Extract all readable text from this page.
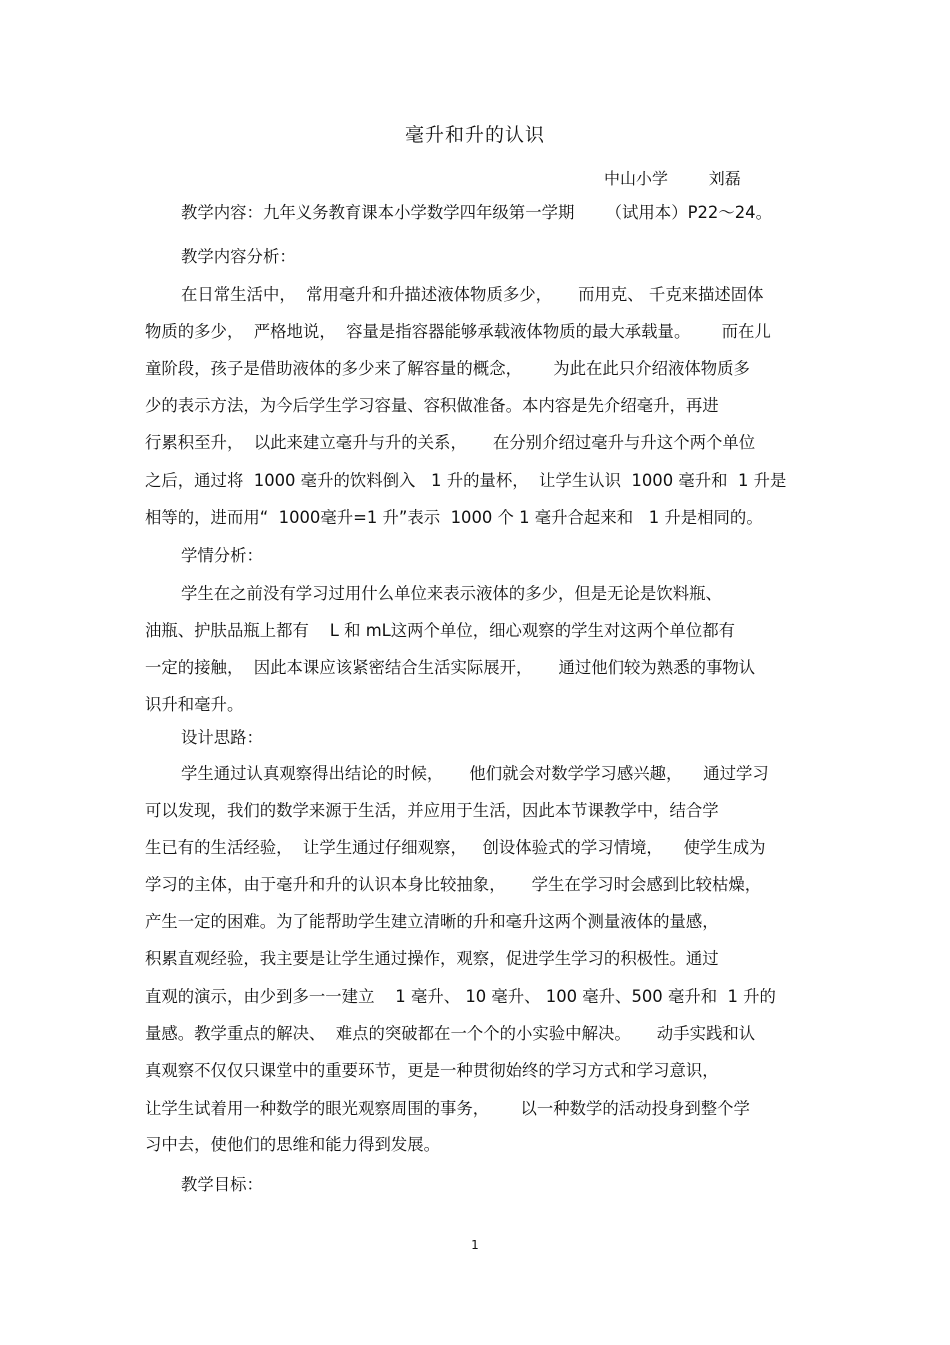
毫升和升的认识
中山小学        刘磊
教学内容：九年义务教育课本小学数学四年级第一学期      （试用本）P22～24。
教学内容分析：
在日常生活中，  常用毫升和升描述液体物质多少，     而用克、 千克来描述固体
物质的多少，  严格地说，  容量是指容器能够承载液体物质的最大承载量。      而在儿
童阶段，孩子是借助液体的多少来了解容量的概念，      为此在此只介绍液体物质多
少的表示方法，为今后学生学习容量、容积做准备。本内容是先介绍毫升，再进
行累积至升，  以此来建立毫升与升的关系，     在分别介绍过毫升与升这个两个单位
之后，通过将  1000 毫升的饮料倒入   1 升的量杯，  让学生认识  1000 毫升和  1 升是
相等的，进而用“  1000毫升=1 升”表示  1000 个 1 毫升合起来和   1 升是相同的。
学情分析：
学生在之前没有学习过用什么单位来表示液体的多少，但是无论是饮料瓶、
油瓶、护肤品瓶上都有    L 和 mL这两个单位，细心观察的学生对这两个单位都有
一定的接触，  因此本课应该紧密结合生活实际展开，     通过他们较为熟悉的事物认
识升和毫升。
设计思路：
学生通过认真观察得出结论的时候，     他们就会对数学学习感兴趣，    通过学习
可以发现，我们的数学来源于生活，并应用于生活，因此本节课教学中，结合学
生已有的生活经验，  让学生通过仔细观察，   创设体验式的学习情境，    使学生成为
学习的主体，由于毫升和升的认识本身比较抽象，     学生在学习时会感到比较枯燥，
产生一定的困难。为了能帮助学生建立清晰的升和毫升这两个测量液体的量感，
积累直观经验，我主要是让学生通过操作，观察，促进学生学习的积极性。通过
直观的演示，由少到多一一建立    1 毫升、 10 毫升、 100 毫升、500 毫升和  1 升的
量感。教学重点的解决、  难点的突破都在一个个的小实验中解决。     动手实践和认
真观察不仅仅只课堂中的重要环节，更是一种贯彻始终的学习方式和学习意识，
让学生试着用一种数学的眼光观察周围的事务，      以一种数学的活动投身到整个学
习中去，使他们的思维和能力得到发展。
教学目标：
1
